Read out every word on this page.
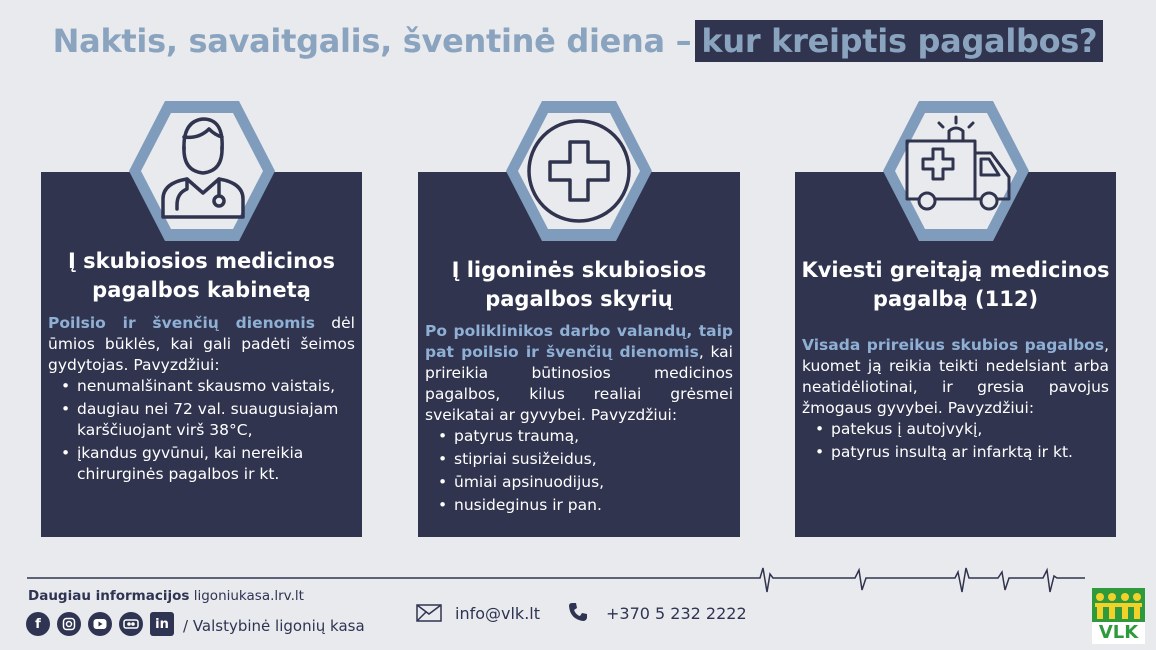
Naktis, savaitgalis, šventinė diena – kur kreiptis pagalbos?
Į skubiosios medicinos
pagalbos kabinetą
Poilsio ir švenčių dienomis dėl ūmios būklės, kai gali padėti šeimos gydytojas. Pavyzdžiui:
• nenumalšinant skausmo vaistais,
• daugiau nei 72 val. suaugusiajam karščiuojant virš 38°C,
• įkandus gyvūnui, kai nereikia chirurginės pagalbos ir kt.
Į ligoninės skubiosios
pagalbos skyrių
Po poliklinikos darbo valandų, taip pat poilsio ir švenčių dienomis, kai prireikia būtinosios medicinos pagalbos, kilus realiai grėsmei sveikatai ar gyvybei. Pavyzdžiui:
• patyrus traumą,
• stipriai susižeidus,
• ūmiai apsinuodijus,
• nusideginus ir pan.
Kviesti greitąją medicinos
pagalbą (112)
Visada prireikus skubios pagalbos, kuomet ją reikia teikti nedelsiant arba neatidėliotinai, ir gresia pavojus žmogaus gyvybei. Pavyzdžiui:
• patekus į autojvykį,
• patyrus insultą ar infarktą ir kt.
Daugiau informacijos ligoniukasa.lrv.lt
f	in / Valstybinė ligonių kasa
info@vlk.lt	+370 5 232 2222
VLK
